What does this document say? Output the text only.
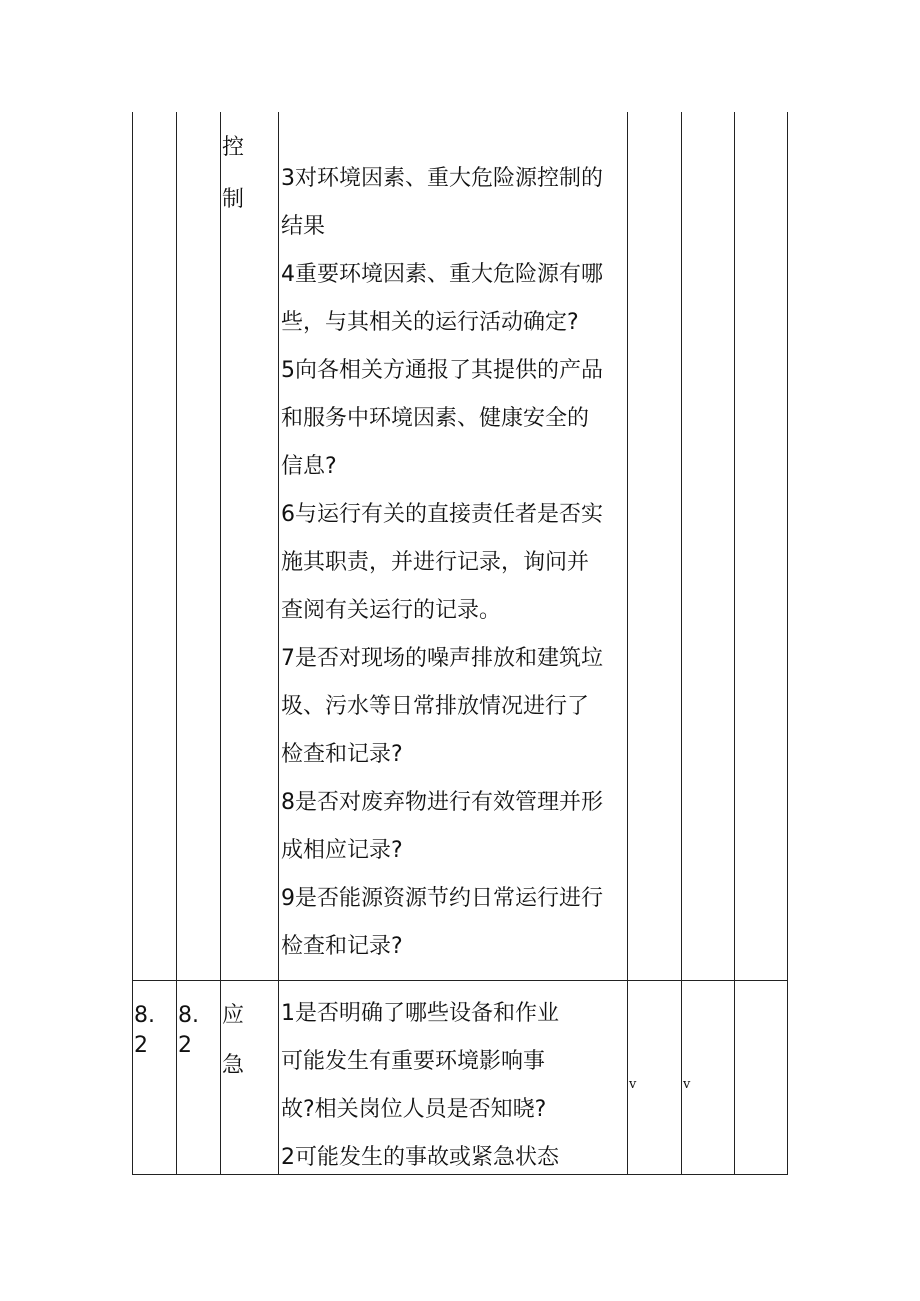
控
制
3对环境因素、重大危险源控制的
结果
4重要环境因素、重大危险源有哪
些，与其相关的运行活动确定?
5向各相关方通报了其提供的产品
和服务中环境因素、健康安全的
信息?
6与运行有关的直接责任者是否实
施其职责，并进行记录，询问并
查阅有关运行的记录。
7是否对现场的噪声排放和建筑垃
圾、污水等日常排放情况进行了
检查和记录?
8是否对废弃物进行有效管理并形
成相应记录?
9是否能源资源节约日常运行进行
检查和记录?
8.
2
8.
2
应
急
1是否明确了哪些设备和作业
可能发生有重要环境影响事
故?相关岗位人员是否知晓?
2可能发生的事故或紧急状态
v	v
